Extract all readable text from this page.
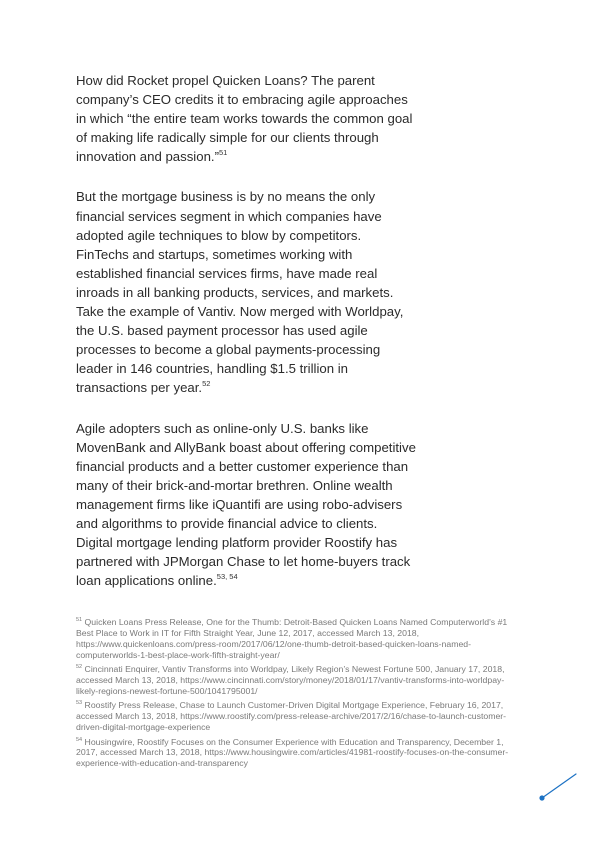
How did Rocket propel Quicken Loans? The parent company’s CEO credits it to embracing agile approaches in which “the entire team works towards the common goal of making life radically simple for our clients through innovation and passion.”$^{51}$

But the mortgage business is by no means the only financial services segment in which companies have adopted agile techniques to blow by competitors. FinTechs and startups, sometimes working with established financial services firms, have made real inroads in all banking products, services, and markets. Take the example of Vantiv. Now merged with Worldpay, the U.S. based payment processor has used agile processes to become a global payments-processing leader in 146 countries, handling $1.5 trillion in transactions per year.$^{52}$

Agile adopters such as online-only U.S. banks like MovenBank and AllyBank boast about offering competitive financial products and a better customer experience than many of their brick-and-mortar brethren. Online wealth management firms like iQuantifi are using robo-advisers and algorithms to provide financial advice to clients. Digital mortgage lending platform provider Roostify has partnered with JPMorgan Chase to let home-buyers track loan applications online.$^{53, 54}$

$^{51}$ Quicken Loans Press Release, One for the Thumb: Detroit-Based Quicken Loans Named Computerworld’s #1 Best Place to Work in IT for Fifth Straight Year, June 12, 2017, accessed March 13, 2018, https://www.quickenloans.com/press-room/2017/06/12/one-thumb-detroit-based-quicken-loans-named-computerworlds-1-best-place-work-fifth-straight-year/

$^{52}$ Cincinnati Enquirer, Vantiv Transforms into Worldpay, Likely Region’s Newest Fortune 500, January 17, 2018, accessed March 13, 2018, https://www.cincinnati.com/story/money/2018/01/17/vantiv-transforms-into-worldpay-likely-regions-newest-fortune-500/1041795001/

$^{53}$ Roostify Press Release, Chase to Launch Customer-Driven Digital Mortgage Experience, February 16, 2017, accessed March 13, 2018, https://www.roostify.com/press-release-archive/2017/2/16/chase-to-launch-customer-driven-digital-mortgage-experience

$^{54}$ Housingwire, Roostify Focuses on the Consumer Experience with Education and Transparency, December 1, 2017, accessed March 13, 2018, https://www.housingwire.com/articles/41981-roostify-focuses-on-the-consumer-experience-with-education-and-transparency
